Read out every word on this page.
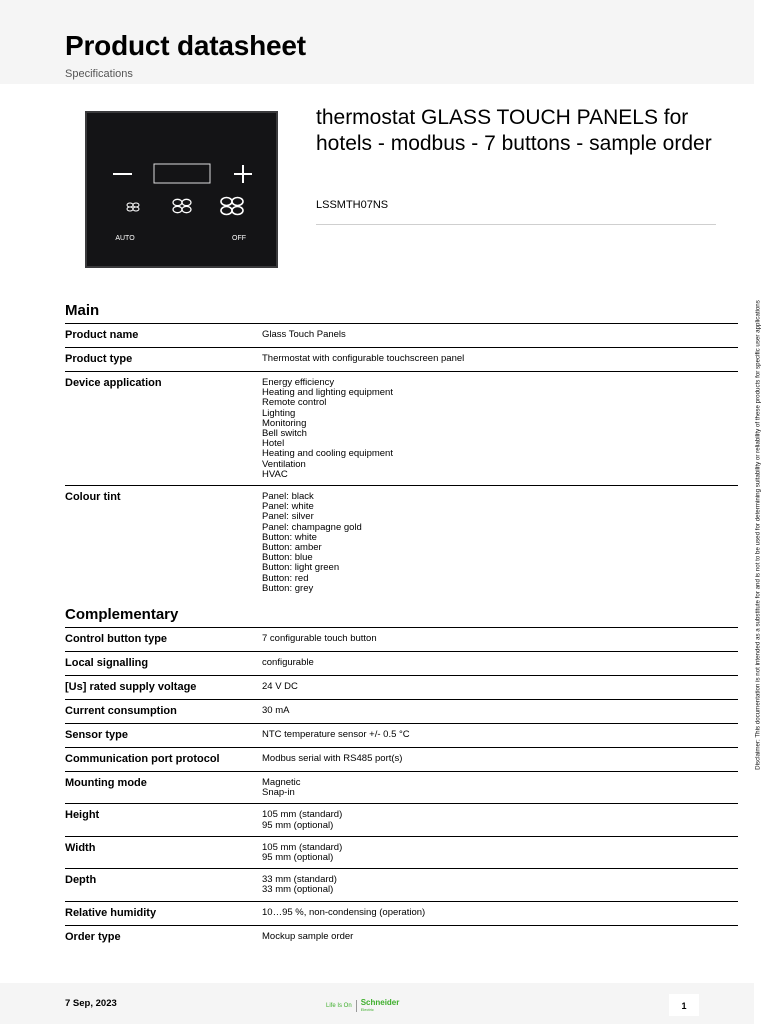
Product datasheet
Specifications
AUTO	OFF
thermostat GLASS TOUCH PANELS for hotels - modbus - 7 buttons - sample order
LSSMTH07NS
Disclaimer: This documentation is not intended as a substitute for and is not to be used for determining suitability or reliability of these products for specific user applications
Main
Product name	Glass Touch Panels
Product type	Thermostat with configurable touchscreen panel
Device application	Energy efficiency
Heating and lighting equipment
Remote control
Lighting
Monitoring
Bell switch
Hotel
Heating and cooling equipment
Ventilation
HVAC
Colour tint	Panel: black
Panel: white
Panel: silver
Panel: champagne gold
Button: white
Button: amber
Button: blue
Button: light green
Button: red
Button: grey
Complementary
Control button type	7 configurable touch button
Local signalling	configurable
[Us] rated supply voltage	24 V DC
Current consumption	30 mA
Sensor type	NTC temperature sensor +/- 0.5 °C
Communication port protocol	Modbus serial with RS485 port(s)
Mounting mode	Magnetic
Snap-in
Height	105 mm (standard)
95 mm (optional)
Width	105 mm (standard)
95 mm (optional)
Depth	33 mm (standard)
33 mm (optional)
Relative humidity	10…95 %, non-condensing (operation)
Order type	Mockup sample order
7 Sep, 2023	Life Is On Schneider
Electric	1
